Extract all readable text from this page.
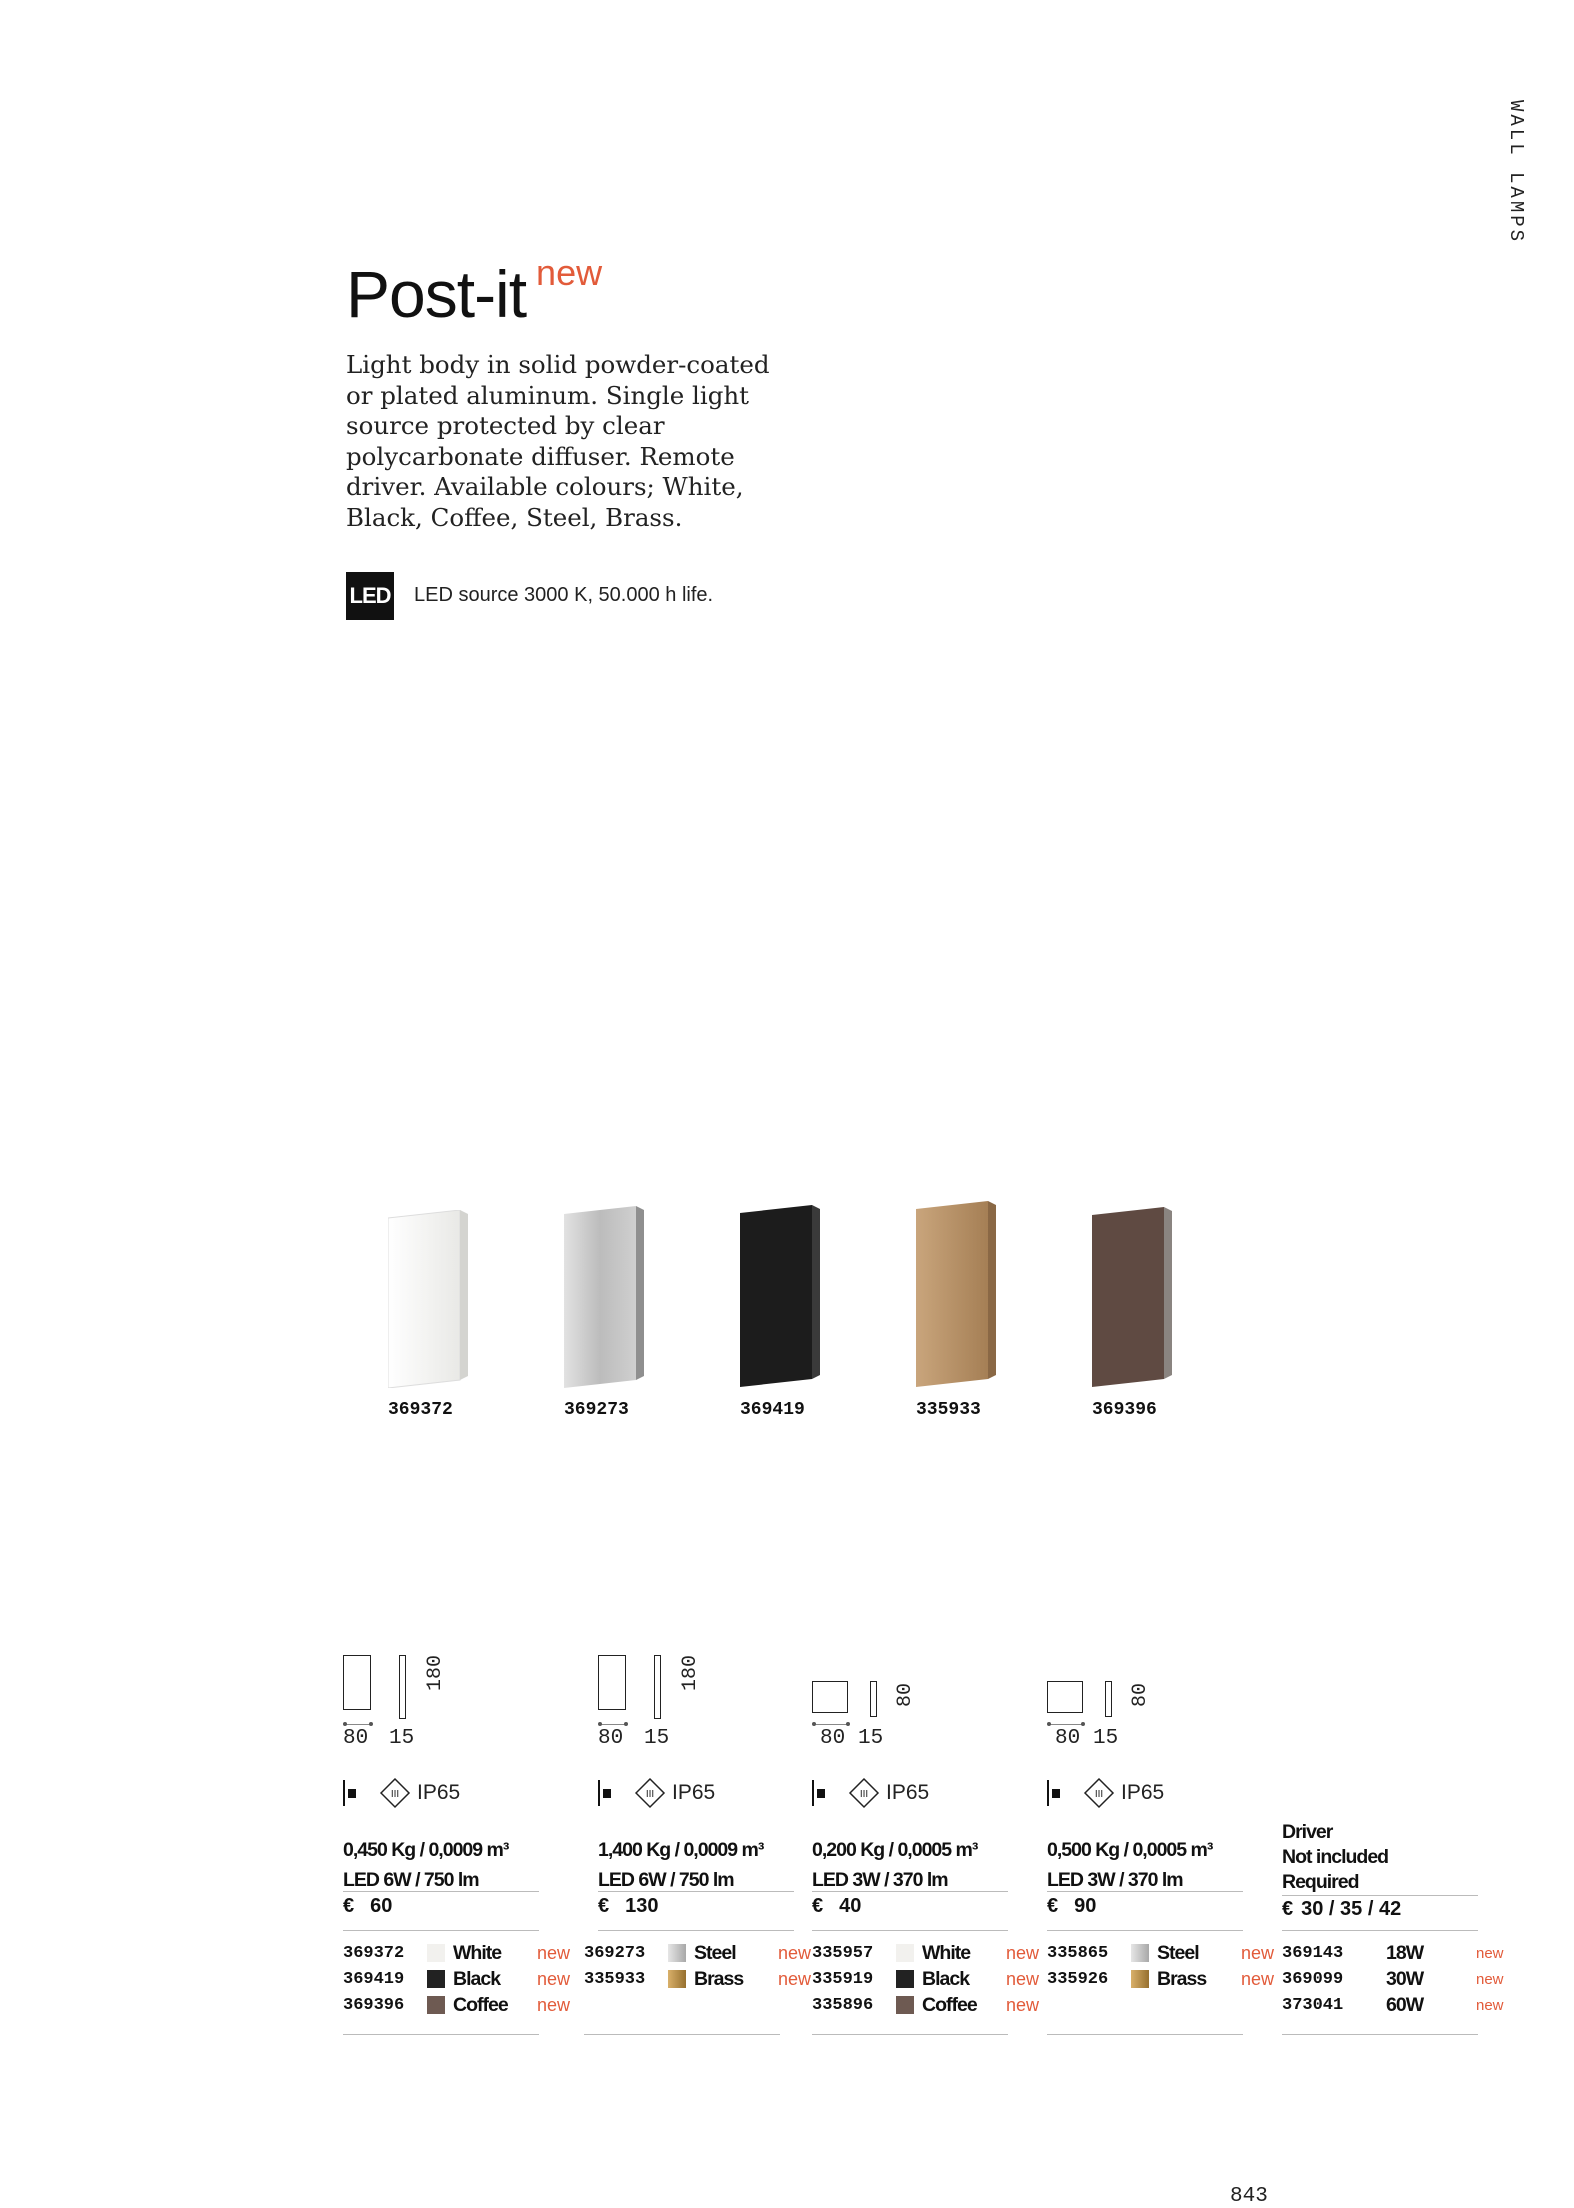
WALL LAMPS
Post-it $^{new}$
Light body in solid powder-coated or plated aluminum. Single light source protected by clear polycarbonate diffuser. Remote driver. Available colours; White, Black, Coffee, Steel, Brass.
LED LED source 3000 K, 50.000 h life.
369372	369273	369419	335933	369396
180
80 15
III IP65
0,450 Kg / 0,0009 m³
LED 6W / 750 lm
€ 60
369372	White new
369419	Black new
369396	Coffee new
180
80 15
III IP65
1,400 Kg / 0,0009 m³
LED 6W / 750 lm
€ 130
369273	Steel new
335933	Brass new
80
80 15
III IP65
0,200 Kg / 0,0005 m³
LED 3W / 370 lm
€ 40
335957	White new
335919	Black new
335896	Coffee new
80
80 15
III IP65
0,500 Kg / 0,0005 m³
LED 3W / 370 lm
€ 90
335865	Steel new
335926	Brass new
Driver
Not included
Required
€ 30 / 35 / 42
369143	18W	new
369099	30W	new
373041	60W	new
843
